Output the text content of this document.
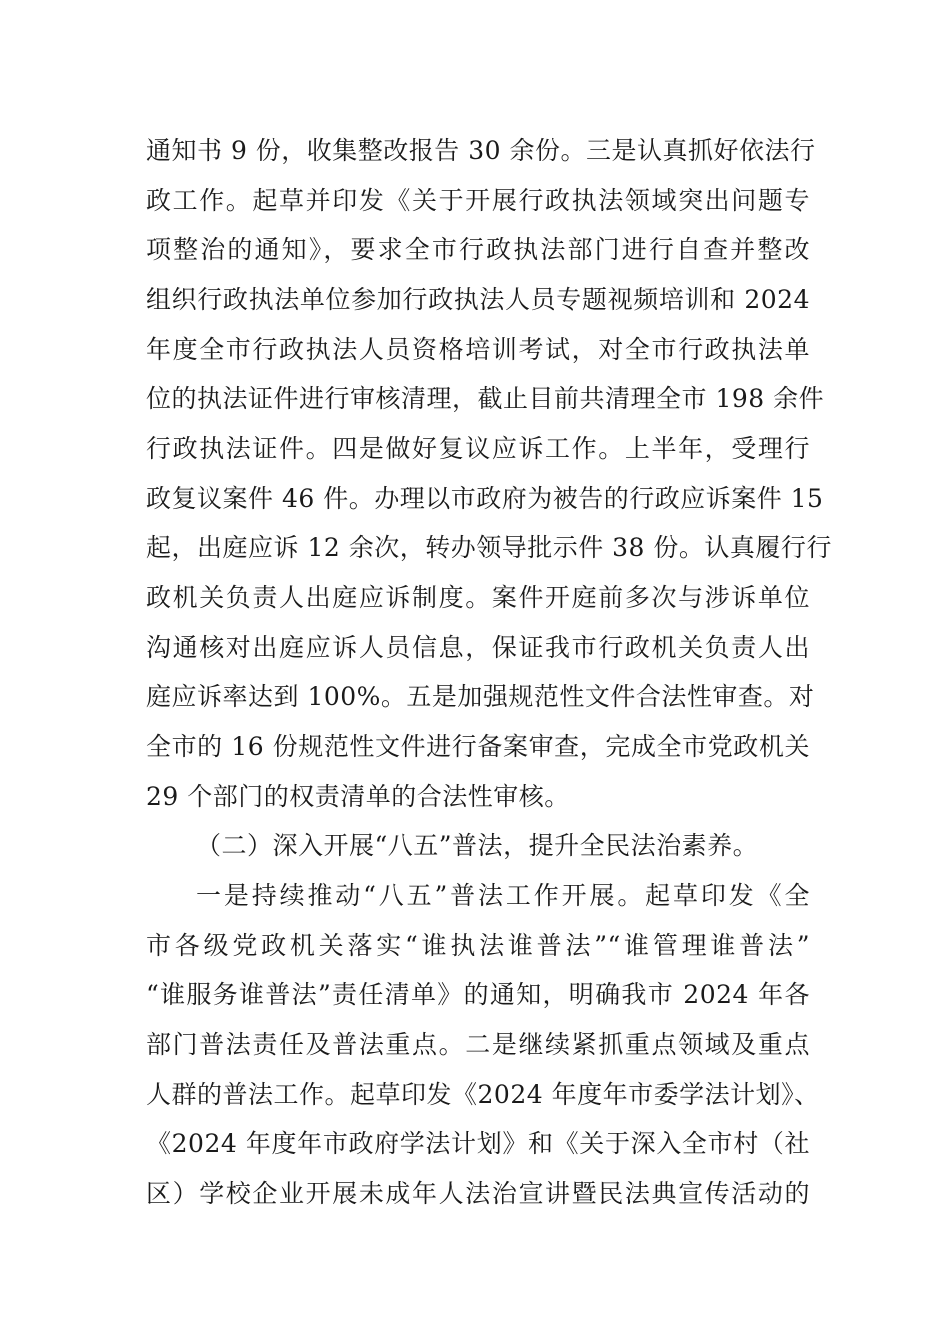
通知书 9 份，收集整改报告 30 余份。三是认真抓好依法行
政工作。起草并印发《关于开展行政执法领域突出问题专
项整治的通知》，要求全市行政执法部门进行自查并整改
组织行政执法单位参加行政执法人员专题视频培训和 2024
年度全市行政执法人员资格培训考试，对全市行政执法单
位的执法证件进行审核清理，截止目前共清理全市 198 余件
行政执法证件。四是做好复议应诉工作。上半年，受理行
政复议案件 46 件。办理以市政府为被告的行政应诉案件 15
起，出庭应诉 12 余次，转办领导批示件 38 份。认真履行行
政机关负责人出庭应诉制度。案件开庭前多次与涉诉单位
沟通核对出庭应诉人员信息，保证我市行政机关负责人出
庭应诉率达到 100%。五是加强规范性文件合法性审查。对
全市的 16 份规范性文件进行备案审查，完成全市党政机关
29 个部门的权责清单的合法性审核。
（二）深入开展“八五”普法，提升全民法治素养。
一是持续推动“八五”普法工作开展。起草印发《全
市各级党政机关落实“谁执法谁普法”“谁管理谁普法”
“谁服务谁普法”责任清单》的通知，明确我市 2024 年各
部门普法责任及普法重点。二是继续紧抓重点领域及重点
人群的普法工作。起草印发《2024 年度年市委学法计划》、
《2024 年度年市政府学法计划》和《关于深入全市村（社
区）学校企业开展未成年人法治宣讲暨民法典宣传活动的
